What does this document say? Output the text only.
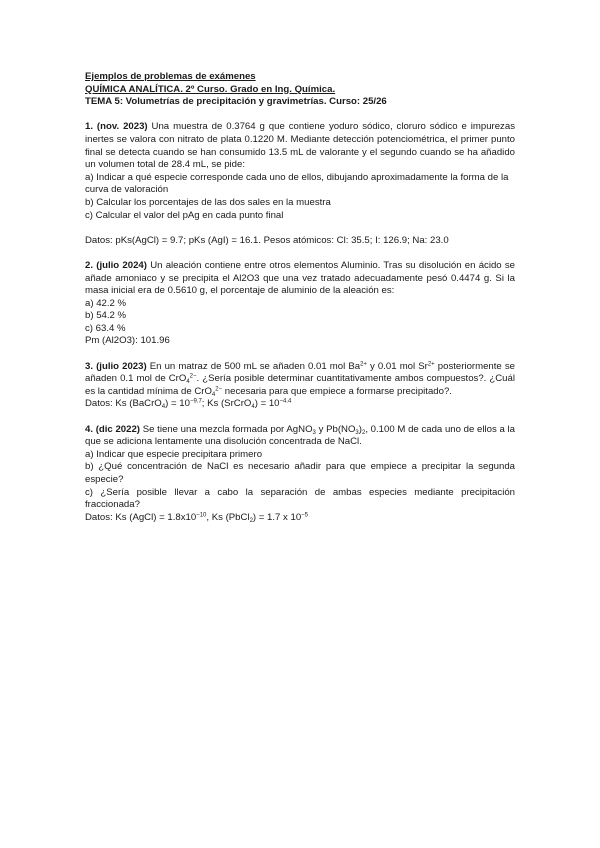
Ejemplos de problemas de exámenes
QUÍMICA ANALÍTICA. 2º Curso. Grado en Ing. Química.
TEMA 5: Volumetrías de precipitación y gravimetrías. Curso: 25/26

1. (nov. 2023) Una muestra de 0.3764 g que contiene yoduro sódico, cloruro sódico e impurezas inertes se valora con nitrato de plata 0.1220 M. Mediante detección potenciométrica, el primer punto final se detecta cuando se han consumido 13.5 mL de valorante y el segundo cuando se ha añadido un volumen total de 28.4 mL, se pide:

a) Indicar a qué especie corresponde cada uno de ellos, dibujando aproximadamente la forma de la curva de valoración

b) Calcular los porcentajes de las dos sales en la muestra

c) Calcular el valor del pAg en cada punto final

Datos: pKs(AgCl) = 9.7; pKs (AgI) = 16.1. Pesos atómicos: Cl: 35.5; I: 126.9; Na: 23.0

2. (julio 2024) Un aleación contiene entre otros elementos Aluminio. Tras su disolución en ácido se añade amoniaco y se precipita el Al2O3 que una vez tratado adecuadamente pesó 0.4474 g. Si la masa inicial era de 0.5610 g, el porcentaje de aluminio de la aleación es:

a) 42.2 %

b) 54.2 %

c) 63.4 %

Pm (Al2O3): 101.96

3. (julio 2023) En un matraz de 500 mL se añaden 0.01 mol $Ba^{2+}$ y 0.01 mol $Sr^{2+}$ posteriormente se añaden 0.1 mol de CrO$_4^{2-}$. ¿Sería posible determinar cuantitativamente ambos compuestos?. ¿Cuál es la cantidad mínima de CrO$_4^{2-}$ necesaria para que empiece a formarse precipitado?.

Datos: Ks (BaCrO$_4$) = $10^{-9.7}$; Ks (SrCrO$_4$) = $10^{-4.4}$

4. (dic 2022) Se tiene una mezcla formada por AgNO$_3$ y $Pb(NO_3)_2$, 0.100 M de cada uno de ellos a la que se adiciona lentamente una disolución concentrada de NaCl.

a) Indicar que especie precipitara primero

b) ¿Qué concentración de NaCl es necesario añadir para que empiece a precipitar la segunda especie?

c) ¿Sería posible llevar a cabo la separación de ambas especies mediante precipitación fraccionada?

Datos: Ks (AgCl) = $1.8x10^{-10}$, Ks (PbCl$_2$) = 1.7 x $10^{-5}$
